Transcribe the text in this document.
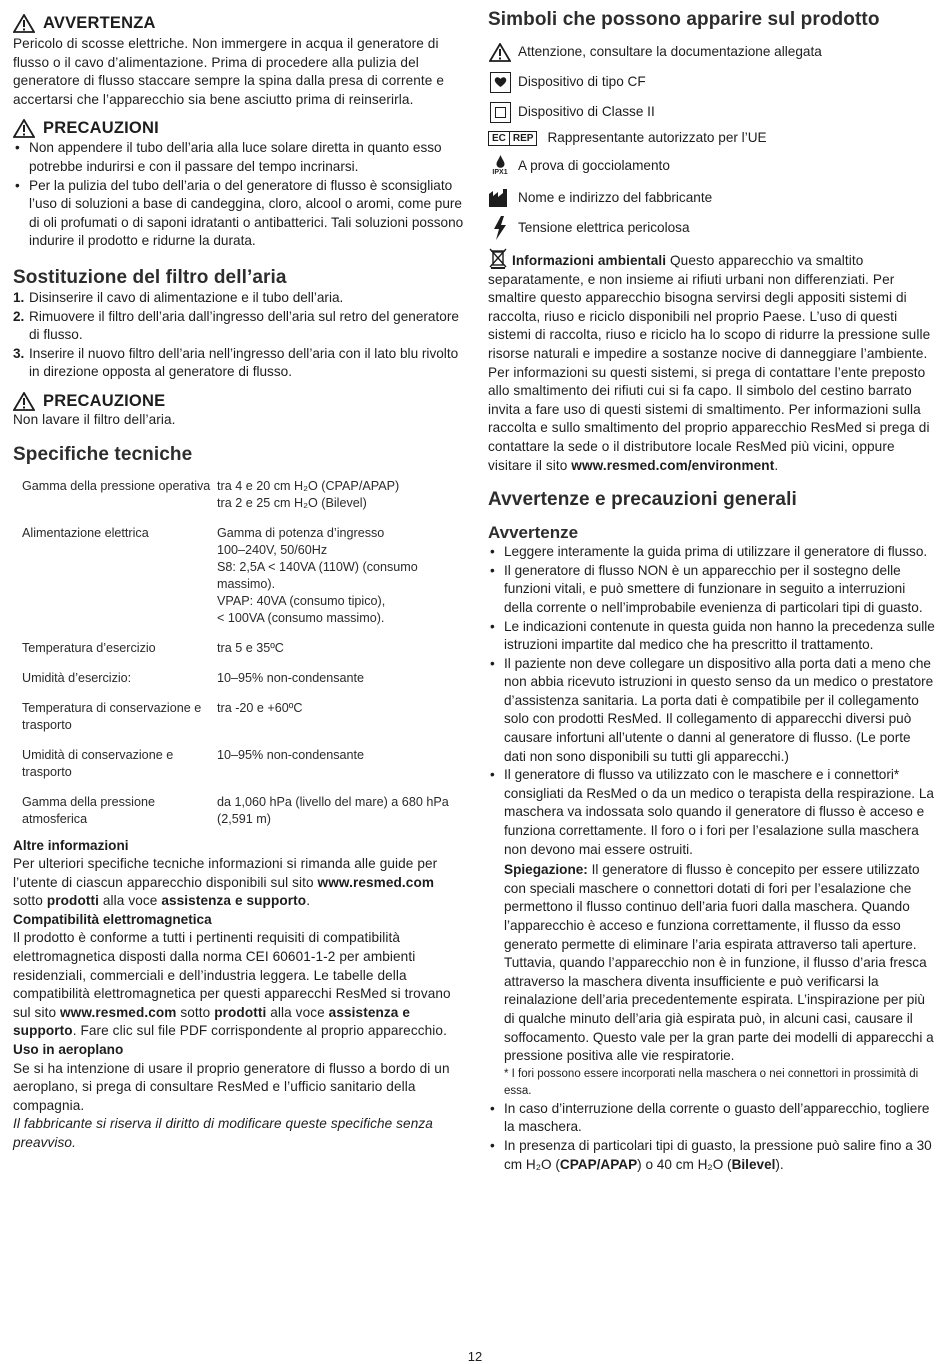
AVVERTENZA

Pericolo di scosse elettriche. Non immergere in acqua il generatore di flusso o il cavo d’alimentazione. Prima di procedere alla pulizia del generatore di flusso staccare sempre la spina dalla presa di corrente e accertarsi che l’apparecchio sia bene asciutto prima di reinserirla.

PRECAUZIONI
• Non appendere il tubo dell’aria alla luce solare diretta in quanto esso potrebbe indurirsi e con il passare del tempo incrinarsi.
• Per la pulizia del tubo dell’aria o del generatore di flusso è sconsigliato l’uso di soluzioni a base di candeggina, cloro, alcool o aromi, come pure di oli profumati o di saponi idratanti o antibatterici. Tali soluzioni possono indurire il prodotto e ridurne la durata.
Sostituzione del filtro dell’aria
1. Disinserire il cavo di alimentazione e il tubo dell’aria.
2. Rimuovere il filtro dell’aria dall’ingresso dell’aria sul retro del generatore di flusso.
3. Inserire il nuovo filtro dell’aria nell’ingresso dell’aria con il lato blu rivolto in direzione opposta al generatore di flusso.
PRECAUZIONE

Non lavare il filtro dell’aria.

Specifiche tecniche
Gamma della pressione operativa	tra 4 e 20 cm H₂O (CPAP/APAP)
tra 2 e 25 cm H₂O (Bilevel)
Alimentazione elettrica	Gamma di potenza d’ingresso
100–240V, 50/60Hz
S8: 2,5A < 140VA (110W) (consumo massimo).
VPAP: 40VA (consumo tipico),
< 100VA (consumo massimo).
Temperatura d’esercizio	tra 5 e 35ºC
Umidità d’esercizio:	10–95% non-condensante
Temperatura di conservazione e trasporto	tra -20 e +60ºC
Umidità di conservazione e trasporto	10–95% non-condensante
Gamma della pressione atmosferica	da 1,060 hPa (livello del mare) a 680 hPa (2,591 m)
Altre informazioni

Per ulteriori specifiche tecniche informazioni si rimanda alle guide per l’utente di ciascun apparecchio disponibili sul sito www.resmed.com sotto prodotti alla voce assistenza e supporto.

Compatibilità elettromagnetica

Il prodotto è conforme a tutti i pertinenti requisiti di compatibilità elettromagnetica disposti dalla norma CEI 60601-1-2 per ambienti residenziali, commerciali e dell’industria leggera. Le tabelle della compatibilità elettromagnetica per questi apparecchi ResMed si trovano sul sito www.resmed.com sotto prodotti alla voce assistenza e supporto. Fare clic sul file PDF corrispondente al proprio apparecchio.

Uso in aeroplano

Se si ha intenzione di usare il proprio generatore di flusso a bordo di un aeroplano, si prega di consultare ResMed e l’ufficio sanitario della compagnia.

Il fabbricante si riserva il diritto di modificare queste specifiche senza preavviso.

Simboli che possono apparire sul prodotto
Attenzione, consultare la documentazione allegata
Dispositivo di tipo CF
Dispositivo di Classe II
EC REP Rappresentante autorizzato per l’UE
IPX1 A prova di gocciolamento
Nome e indirizzo del fabbricante
Tensione elettrica pericolosa

Informazioni ambientali Questo apparecchio va smaltito separatamente, e non insieme ai rifiuti urbani non differenziati. Per smaltire questo apparecchio bisogna servirsi degli appositi sistemi di raccolta, riuso e riciclo disponibili nel proprio Paese. L’uso di questi sistemi di raccolta, riuso e riciclo ha lo scopo di ridurre la pressione sulle risorse naturali e impedire a sostanze nocive di danneggiare l’ambiente. Per informazioni su questi sistemi, si prega di contattare l’ente preposto allo smaltimento dei rifiuti cui si fa capo. Il simbolo del cestino barrato invita a fare uso di questi sistemi di smaltimento. Per informazioni sulla raccolta e sullo smaltimento del proprio apparecchio ResMed si prega di contattare la sede o il distributore locale ResMed più vicini, oppure visitare il sito www.resmed.com/environment.

Avvertenze e precauzioni generali
Avvertenze
• Leggere interamente la guida prima di utilizzare il generatore di flusso.
• Il generatore di flusso NON è un apparecchio per il sostegno delle funzioni vitali, e può smettere di funzionare in seguito a interruzioni della corrente o nell’improbabile evenienza di particolari tipi di guasto.
• Le indicazioni contenute in questa guida non hanno la precedenza sulle istruzioni impartite dal medico che ha prescritto il trattamento.
• Il paziente non deve collegare un dispositivo alla porta dati a meno che non abbia ricevuto istruzioni in questo senso da un medico o prestatore d’assistenza sanitaria. La porta dati è compatibile per il collegamento solo con prodotti ResMed. Il collegamento di apparecchi diversi può causare infortuni all’utente o danni al generatore di flusso. (Le porte dati non sono disponibili su tutti gli apparecchi.)
• Il generatore di flusso va utilizzato con le maschere e i connettori* consigliati da ResMed o da un medico o terapista della respirazione. La maschera va indossata solo quando il generatore di flusso è acceso e funziona correttamente. Il foro o i fori per l’esalazione sulla maschera non devono mai essere ostruiti.

Spiegazione: Il generatore di flusso è concepito per essere utilizzato con speciali maschere o connettori dotati di fori per l’esalazione che permettono il flusso continuo dell’aria fuori dalla maschera. Quando l’apparecchio è acceso e funziona correttamente, il flusso da esso generato permette di eliminare l’aria espirata attraverso tali aperture. Tuttavia, quando l’apparecchio non è in funzione, il flusso d’aria fresca attraverso la maschera diventa insufficiente e può verificarsi la reinalazione dell’aria precedentemente espirata. L’inspirazione per più di qualche minuto dell’aria già espirata può, in alcuni casi, causare il soffocamento. Questo vale per la gran parte dei modelli di apparecchi a pressione positiva alle vie respiratorie.

* I fori possono essere incorporati nella maschera o nei connettori in prossimità di essa.

• In caso d’interruzione della corrente o guasto dell’apparecchio, togliere la maschera.
• In presenza di particolari tipi di guasto, la pressione può salire fino a 30 cm H₂O (CPAP/APAP) o 40 cm H₂O (Bilevel).
12
